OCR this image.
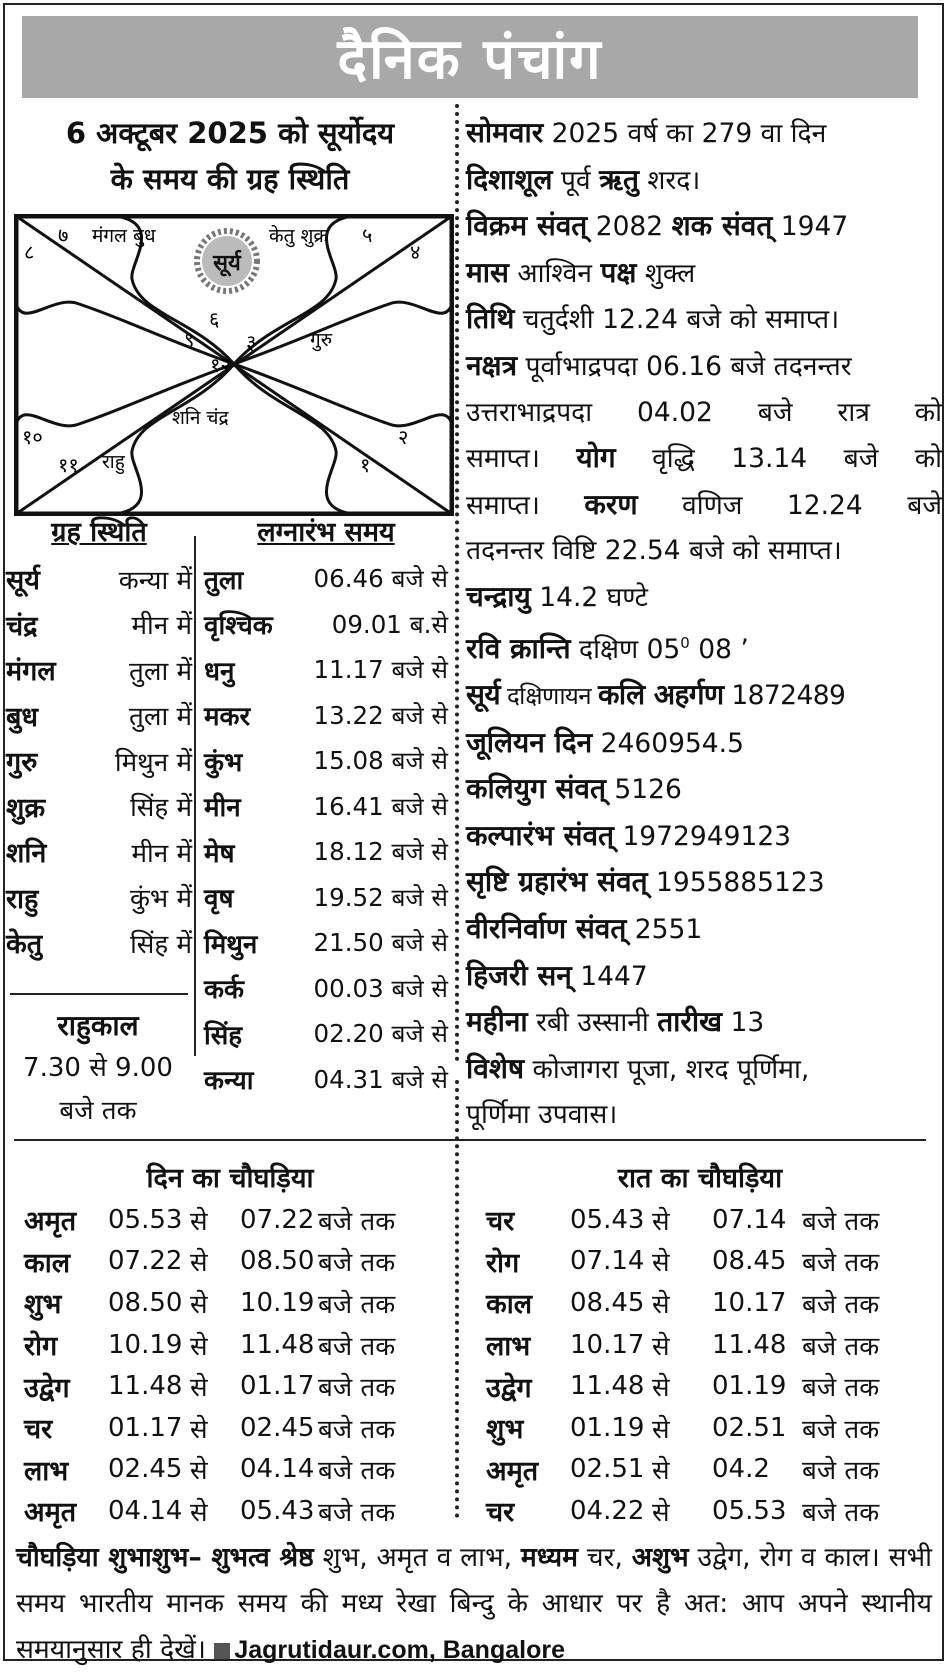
दैनिक पंचांग
6 अक्टूबर 2025 को सूर्योदय
के समय की ग्रह स्थिति
सूर्य
मंगल बुध	केतु शुक्र
गुरु
शनि चंद्र
राहु
७	५
८	४
६
९	३
१२
१०	२
११	१
ग्रह स्थिति	लग्नारंभ समय
सूर्य	कन्या में
चंद्र	मीन में
मंगल	तुला में
बुध	तुला में
गुरु	मिथुन में
शुक्र	सिंह में
शनि	मीन में
राहु	कुंभ में
केतु	सिंह में
तुला	06.46 बजे से
वृश्चिक	09.01 ब.से
धनु	11.17 बजे से
मकर	13.22 बजे से
कुंभ	15.08 बजे से
मीन	16.41 बजे से
मेष	18.12 बजे से
वृष	19.52 बजे से
मिथुन	21.50 बजे से
कर्क	00.03 बजे से
सिंह	02.20 बजे से
कन्या	04.31 बजे से
राहुकाल
7.30 से 9.00
बजे तक

सोमवार 2025 वर्ष का 279 वा दिन

दिशाशूल पूर्व ऋतु शरद।

विक्रम संवत् 2082 शक संवत् 1947

मास आश्विन पक्ष शुक्ल

तिथि चतुर्दशी 12.24 बजे को समाप्त।

नक्षत्र पूर्वाभाद्रपदा 06.16 बजे तदनन्तर

उत्तराभाद्रपदा 04.02 बजे रात्र को

समाप्त। योग वृद्धि 13.14 बजे को

समाप्त। करण वणिज 12.24 बजे

तदनन्तर विष्टि 22.54 बजे को समाप्त।

चन्द्रायु 14.2 घण्टे

रवि क्रान्ति दक्षिण $05^0$ 08 ’

सूर्य दक्षिणायन कलि अहर्गण 1872489

जूलियन दिन 2460954.5

कलियुग संवत् 5126

कल्पारंभ संवत् 1972949123

सृष्टि ग्रहारंभ संवत् 1955885123

वीरनिर्वाण संवत् 2551

हिजरी सन् 1447

महीना रबी उस्सानी तारीख 13

विशेष कोजागरा पूजा, शरद पूर्णिमा,

पूर्णिमा उपवास।

दिन का चौघड़िया	रात का चौघड़िया
अमृत	05.53 से	07.22 बजे तक
काल	07.22 से	08.50 बजे तक
शुभ	08.50 से	10.19 बजे तक
रोग	10.19 से	11.48 बजे तक
उद्वेग	11.48 से	01.17 बजे तक
चर	01.17 से	02.45 बजे तक
लाभ	02.45 से	04.14 बजे तक
अमृत	04.14 से	05.43 बजे तक
चर	05.43 से	07.14 बजे तक
रोग	07.14 से	08.45 बजे तक
काल	08.45 से	10.17 बजे तक
लाभ	10.17 से	11.48 बजे तक
उद्वेग	11.48 से	01.19 बजे तक
शुभ	01.19 से	02.51 बजे तक
अमृत	02.51 से	04.2	बजे तक
चर	04.22 से	05.53 बजे तक
चौघड़िया शुभाशुभ– शुभत्व श्रेष्ठ शुभ, अमृत व लाभ, मध्यम चर, अशुभ उद्वेग, रोग व काल। सभी समय भारतीय मानक समय की मध्य रेखा बिन्दु के आधार पर है अत: आप अपने स्थानीय समयानुसार ही देखें। Jagrutidaur.com, Bangalore
